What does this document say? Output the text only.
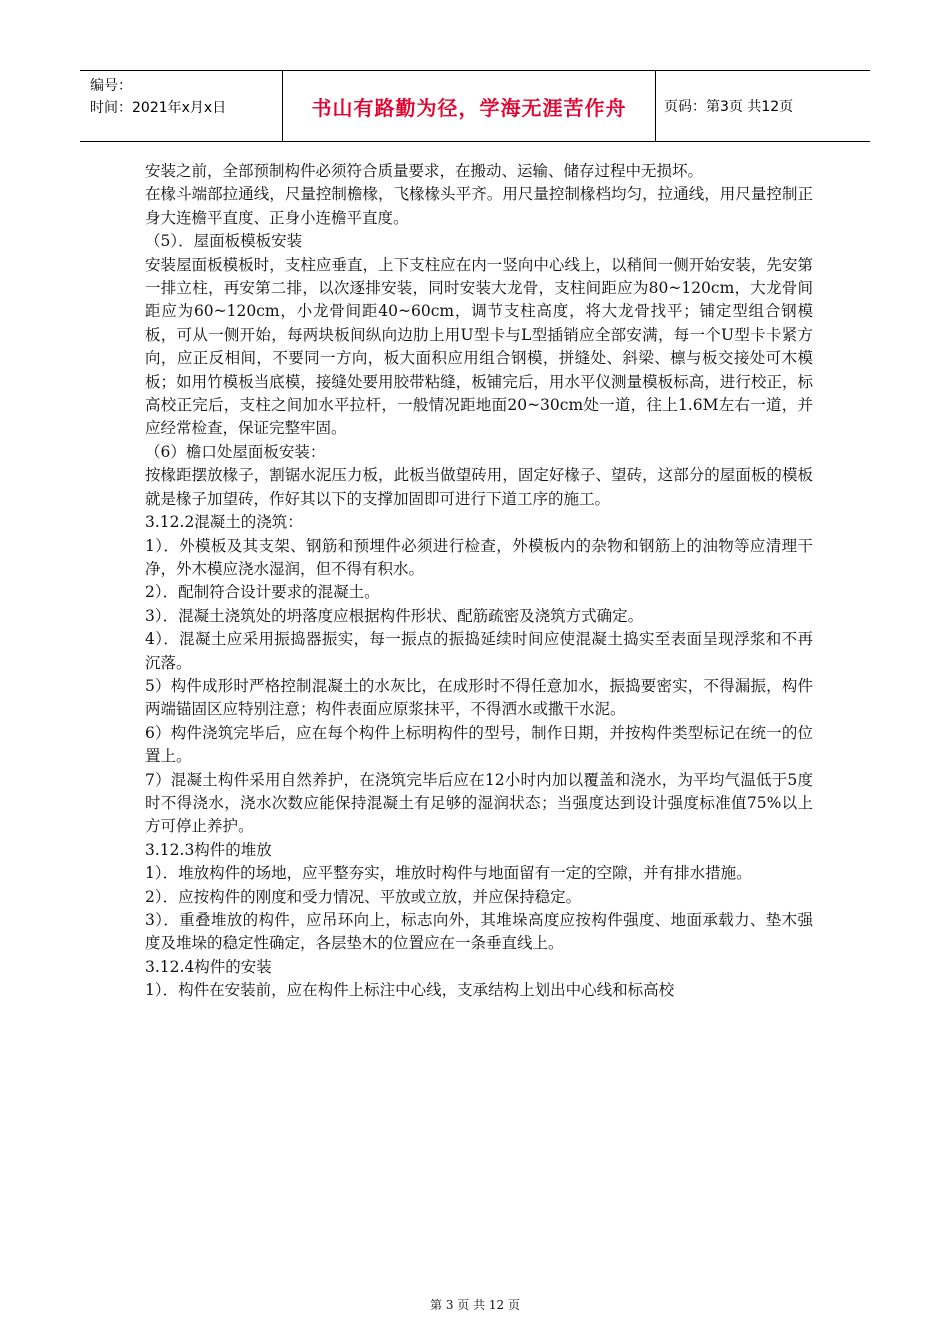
编号：
时间：2021年x月x日	书山有路勤为径，学海无涯苦作舟	页码：第3页 共12页

安装之前，全部预制构件必须符合质量要求，在搬动、运输、储存过程中无损坏。

在椽斗端部拉通线，尺量控制檐椽，飞椽椽头平齐。用尺量控制椽档均匀，拉通线，用尺量控制正身大连檐平直度、正身小连檐平直度。

（5）．屋面板模板安装

安装屋面板模板时，支柱应垂直，上下支柱应在内一竖向中心线上，以稍间一侧开始安装，先安第一排立柱，再安第二排，以次逐排安装，同时安装大龙骨，支柱间距应为80~120cm，大龙骨间距应为60~120cm，小龙骨间距40~60cm，调节支柱高度，将大龙骨找平；铺定型组合钢模板，可从一侧开始，每两块板间纵向边肋上用U型卡与L型插销应全部安满，每一个U型卡卡紧方向，应正反相间，不要同一方向，板大面积应用组合钢模，拼缝处、斜梁、檩与板交接处可木模板；如用竹模板当底模，接缝处要用胶带粘缝，板铺完后，用水平仪测量模板标高，进行校正，标高校正完后，支柱之间加水平拉杆，一般情况距地面20~30cm处一道，往上1.6M左右一道，并应经常检查，保证完整牢固。

（6）檐口处屋面板安装：

按椽距摆放椽子，割锯水泥压力板，此板当做望砖用，固定好椽子、望砖，这部分的屋面板的模板就是椽子加望砖，作好其以下的支撑加固即可进行下道工序的施工。

3.12.2混凝土的浇筑：

1）．外模板及其支架、钢筋和预埋件必须进行检查，外模板内的杂物和钢筋上的油物等应清理干净，外木模应浇水湿润，但不得有积水。

2）．配制符合设计要求的混凝土。

3）．混凝土浇筑处的坍落度应根据构件形状、配筋疏密及浇筑方式确定。

4）．混凝土应采用振捣器振实，每一振点的振捣延续时间应使混凝土捣实至表面呈现浮浆和不再沉落。

5）构件成形时严格控制混凝土的水灰比，在成形时不得任意加水，振捣要密实，不得漏振，构件两端锚固区应特别注意；构件表面应原浆抹平，不得洒水或撒干水泥。

6）构件浇筑完毕后，应在每个构件上标明构件的型号，制作日期，并按构件类型标记在统一的位置上。

7）混凝土构件采用自然养护，在浇筑完毕后应在12小时内加以覆盖和浇水，为平均气温低于5度时不得浇水，浇水次数应能保持混凝土有足够的湿润状态；当强度达到设计强度标准值75%以上方可停止养护。

3.12.3构件的堆放

1）．堆放构件的场地，应平整夯实，堆放时构件与地面留有一定的空隙，并有排水措施。

2）．应按构件的刚度和受力情况、平放或立放，并应保持稳定。

3）．重叠堆放的构件，应吊环向上，标志向外，其堆垛高度应按构件强度、地面承载力、垫木强度及堆垛的稳定性确定，各层垫木的位置应在一条垂直线上。

3.12.4构件的安装

1）．构件在安装前，应在构件上标注中心线，支承结构上划出中心线和标高校

第 3 页 共 12 页
